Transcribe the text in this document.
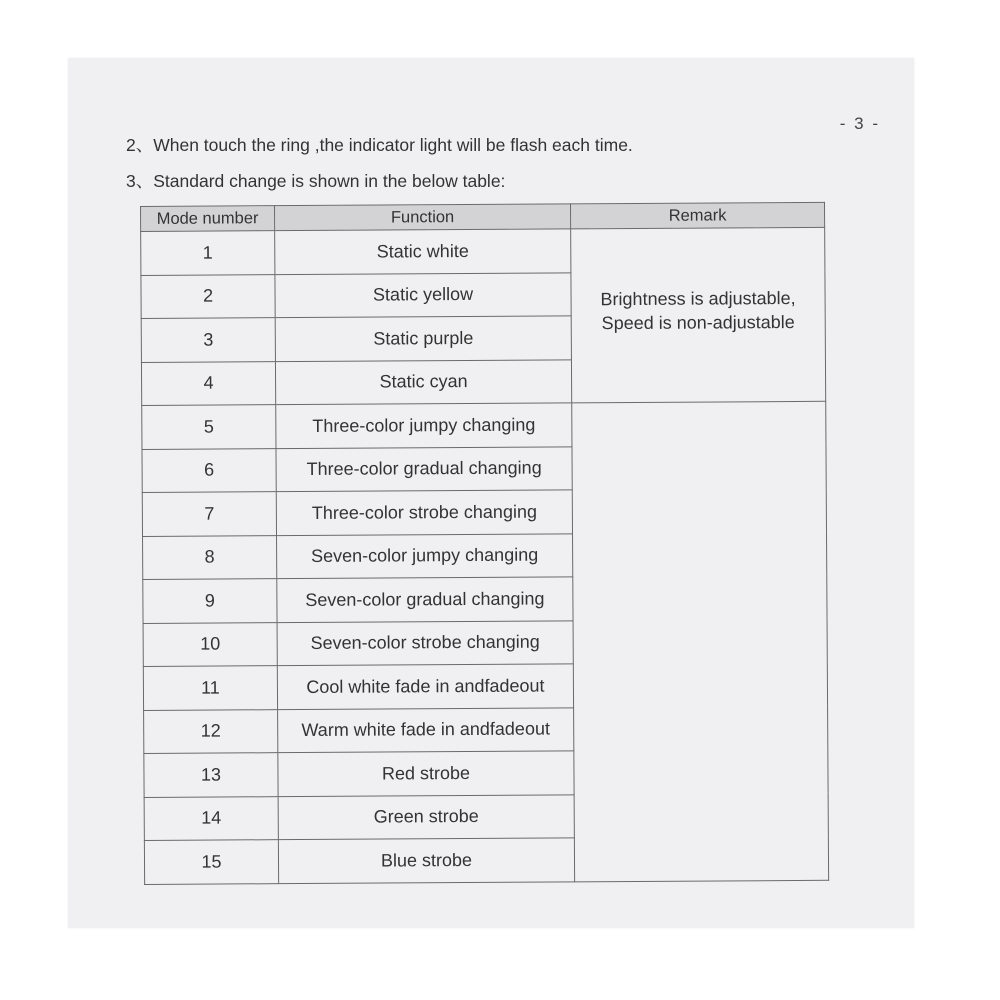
- 3 -
2、When touch the ring ,the indicator light will be flash each time.
3、Standard change is shown in the below table:
Mode number	Function	Remark
1	Static white	Brightness is adjustable,
Speed is non-adjustable

2	Static yellow	
3	Static purple	
4	Static cyan	
5	Three-color jumpy changing	
6	Three-color gradual changing	
7	Three-color strobe changing	
8	Seven-color jumpy changing	
9	Seven-color gradual changing	
10	Seven-color strobe changing	
11	Cool white fade in andfadeout	
12	Warm white fade in andfadeout	
13	Red strobe	
14	Green strobe	
15	Blue strobe	
